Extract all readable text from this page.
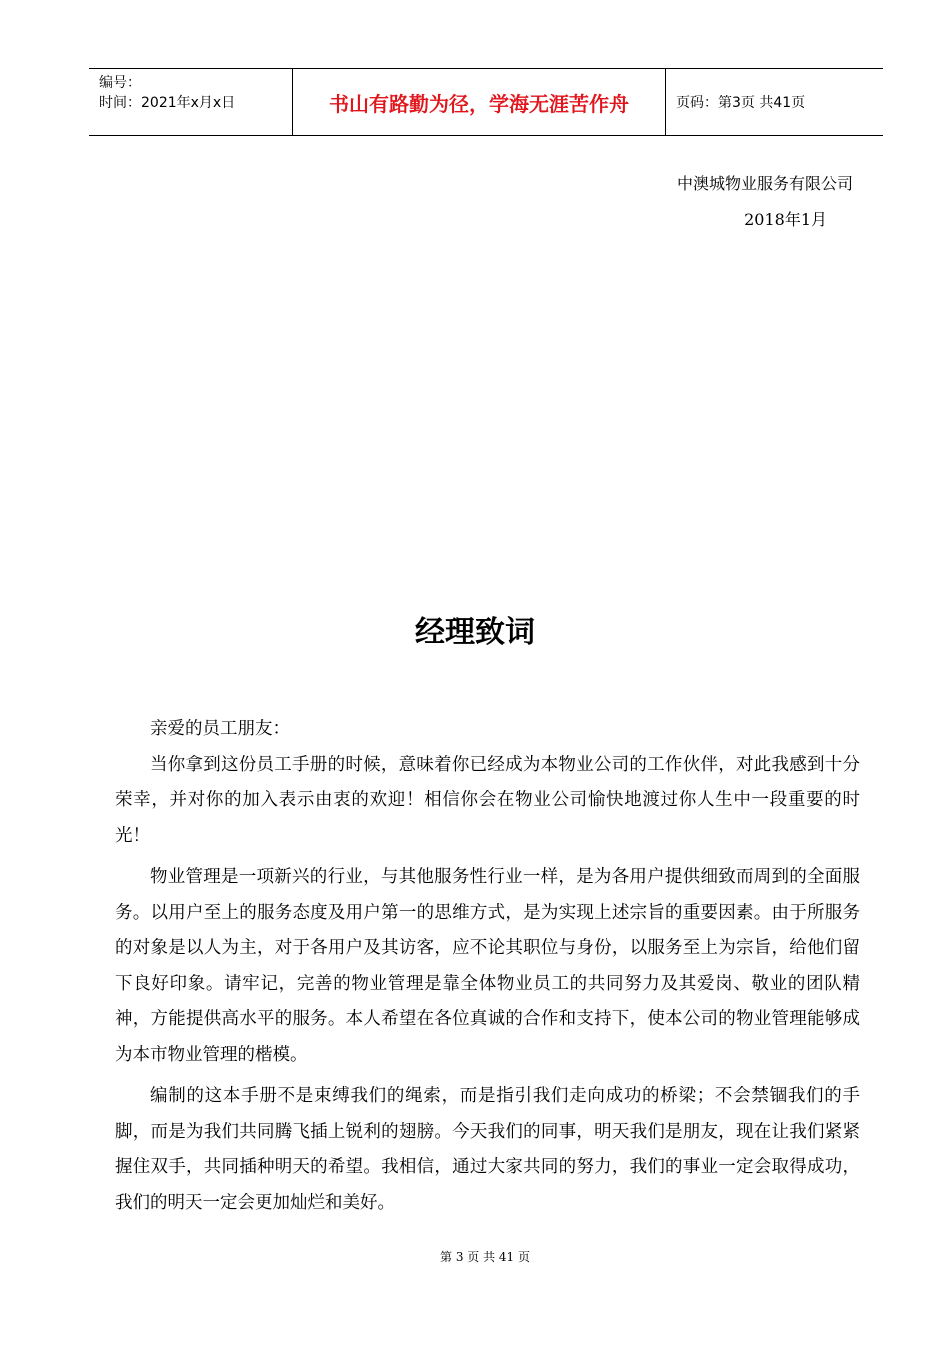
编号：
时间：2021年x月x日	书山有路勤为径，学海无涯苦作舟	页码：第3页 共41页
中澳城物业服务有限公司
2018年1月
经理致词

亲爱的员工朋友：

当你拿到这份员工手册的时候，意味着你已经成为本物业公司的工作伙伴，对此我感到十分荣幸，并对你的加入表示由衷的欢迎！相信你会在物业公司愉快地渡过你人生中一段重要的时光！

物业管理是一项新兴的行业，与其他服务性行业一样，是为各用户提供细致而周到的全面服务。以用户至上的服务态度及用户第一的思维方式，是为实现上述宗旨的重要因素。由于所服务的对象是以人为主，对于各用户及其访客，应不论其职位与身份，以服务至上为宗旨，给他们留下良好印象。请牢记，完善的物业管理是靠全体物业员工的共同努力及其爱岗、敬业的团队精神，方能提供高水平的服务。本人希望在各位真诚的合作和支持下，使本公司的物业管理能够成为本市物业管理的楷模。

编制的这本手册不是束缚我们的绳索，而是指引我们走向成功的桥梁；不会禁锢我们的手脚，而是为我们共同腾飞插上锐利的翅膀。今天我们的同事，明天我们是朋友，现在让我们紧紧握住双手，共同插种明天的希望。我相信，通过大家共同的努力，我们的事业一定会取得成功，我们的明天一定会更加灿烂和美好。

第 3 页 共 41 页
